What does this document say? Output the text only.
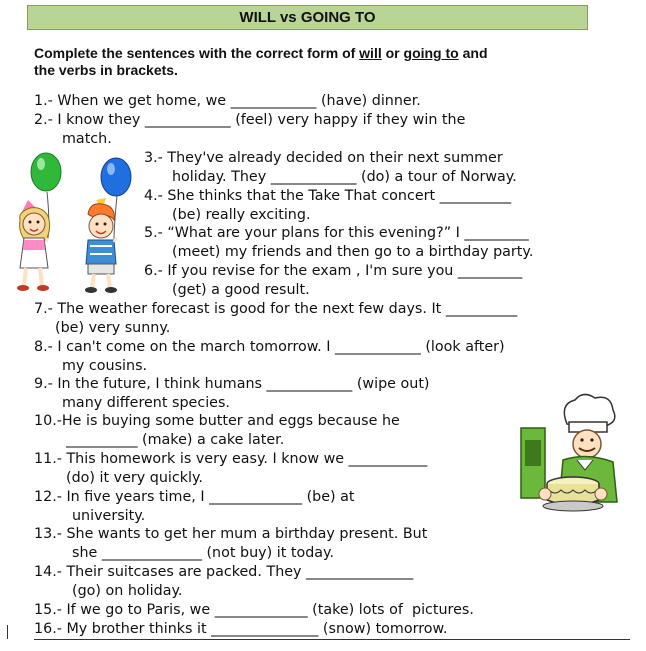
WILL vs GOING TO
Complete the sentences with the correct form of will or going to and
the verbs in brackets.
1.- When we get home, we ____________ (have) dinner.
2.- I know they ____________ (feel) very happy if they win the
match.
3.- They've already decided on their next summer
holiday. They ____________ (do) a tour of Norway.
4.- She thinks that the Take That concert __________
(be) really exciting.
5.- “What are your plans for this evening?” I _________
(meet) my friends and then go to a birthday party.
6.- If you revise for the exam , I'm sure you _________
(get) a good result.
7.- The weather forecast is good for the next few days. It __________
(be) very sunny.
8.- I can't come on the march tomorrow. I ____________ (look after)
my cousins.
9.- In the future, I think humans ____________ (wipe out)
many different species.
10.-He is buying some butter and eggs because he
__________ (make) a cake later.
11.- This homework is very easy. I know we ___________
(do) it very quickly.
12.- In five years time, I _____________ (be) at
university.
13.- She wants to get her mum a birthday present. But
she ______________ (not buy) it today.
14.- Their suitcases are packed. They _______________
(go) on holiday.
15.- If we go to Paris, we _____________ (take) lots of  pictures.
16.- My brother thinks it _______________ (snow) tomorrow.
